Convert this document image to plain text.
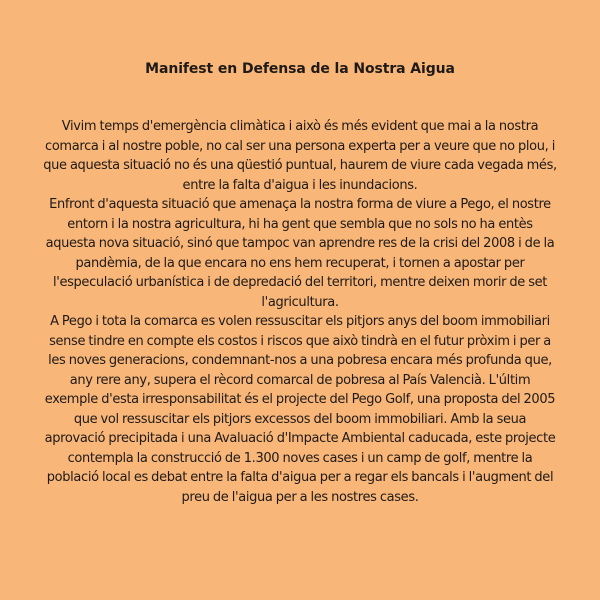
Manifest en Defensa de la Nostra Aigua

Vivim temps d'emergència climàtica i això és més evident que mai a la nostra
comarca i al nostre poble, no cal ser una persona experta per a veure que no plou, i
que aquesta situació no és una qüestió puntual, haurem de viure cada vegada més,
entre la falta d'aigua i les inundacions.

Enfront d'aquesta situació que amenaça la nostra forma de viure a Pego, el nostre
entorn i la nostra agricultura, hi ha gent que sembla que no sols no ha entès
aquesta nova situació, sinó que tampoc van aprendre res de la crisi del 2008 i de la
pandèmia, de la que encara no ens hem recuperat, i tornen a apostar per
l'especulació urbanística i de depredació del territori, mentre deixen morir de set
l'agricultura.

A Pego i tota la comarca es volen ressuscitar els pitjors anys del boom immobiliari
sense tindre en compte els costos i riscos que això tindrà en el futur pròxim i per a
les noves generacions, condemnant-nos a una pobresa encara més profunda que,
any rere any, supera el rècord comarcal de pobresa al País Valencià. L'últim
exemple d'esta irresponsabilitat és el projecte del Pego Golf, una proposta del 2005
que vol ressuscitar els pitjors excessos del boom immobiliari. Amb la seua
aprovació precipitada i una Avaluació d'Impacte Ambiental caducada, este projecte
contempla la construcció de 1.300 noves cases i un camp de golf, mentre la
població local es debat entre la falta d'aigua per a regar els bancals i l'augment del
preu de l'aigua per a les nostres cases.
